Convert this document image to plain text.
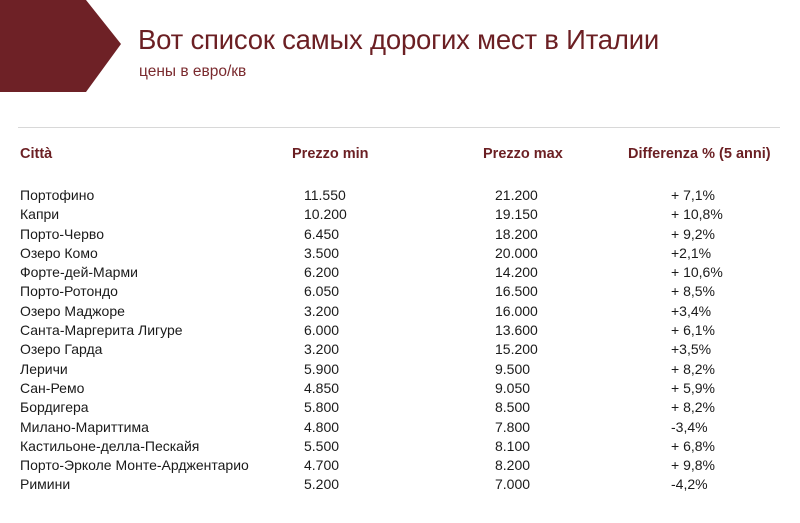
Вот список самых дорогих мест в Италии
цены в евро/кв
Città	Prezzo min	Prezzo max	Differenza % (5 anni)
Портофино	11.550	21.200	+ 7,1%
Капри	10.200	19.150	+ 10,8%
Порто-Черво	6.450	18.200	+ 9,2%
Озеро Комо	3.500	20.000	+2,1%
Форте-дей-Марми	6.200	14.200	+ 10,6%
Порто-Ротондо	6.050	16.500	+ 8,5%
Озеро Маджоре	3.200	16.000	+3,4%
Санта-Маргерита Лигуре	6.000	13.600	+ 6,1%
Озеро Гарда	3.200	15.200	+3,5%
Леричи	5.900	9.500	+ 8,2%
Сан-Ремо	4.850	9.050	+ 5,9%
Бордигера	5.800	8.500	+ 8,2%
Милано-Мариттима	4.800	7.800	-3,4%
Кастильоне-делла-Пескайя	5.500	8.100	+ 6,8%
Порто-Эрколе Монте-Арджентарио	4.700	8.200	+ 9,8%
Римини	5.200	7.000	-4,2%
